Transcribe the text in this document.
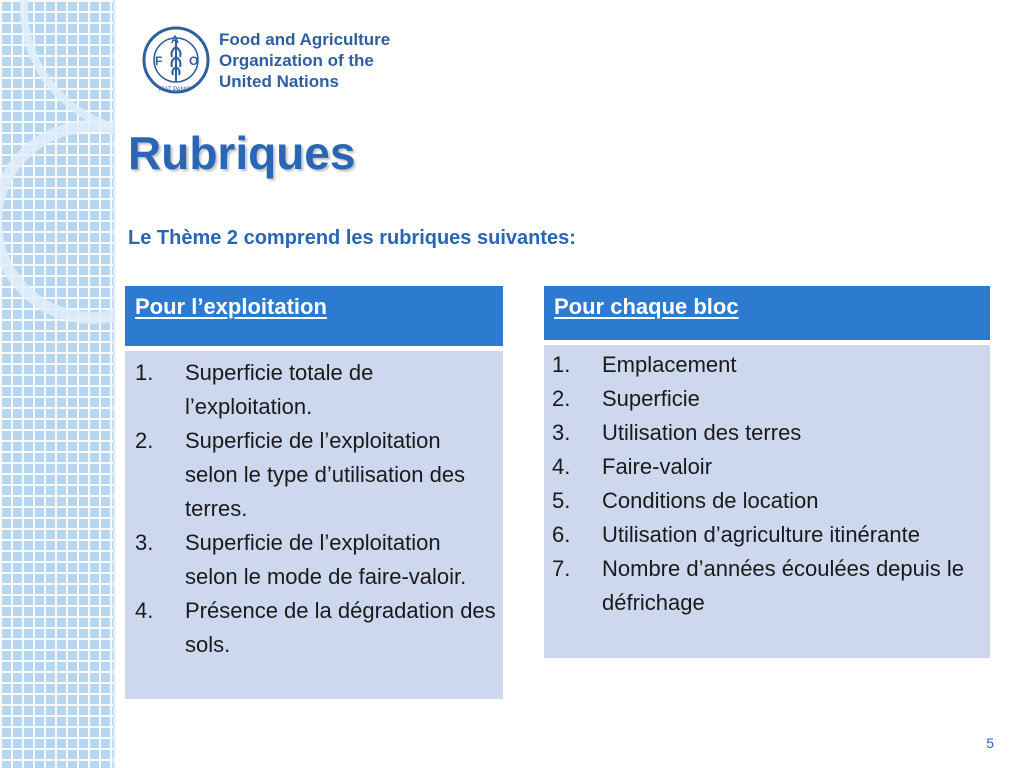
F
A
O
FIAT PANIS
Food and Agriculture
Organization of the
United Nations
Rubriques

Le Thème 2 comprend les rubriques suivantes:

Pour l’exploitation
1.	Superficie totale de l’exploitation.
2.	Superficie de l’exploitation selon le type d’utilisation des terres.
3.	Superficie de l’exploitation selon le mode de faire-valoir.
4.	Présence de la dégradation des sols.
Pour chaque bloc
1.	Emplacement
2.	Superficie
3.	Utilisation des terres
4.	Faire-valoir
5.	Conditions de location
6.	Utilisation d’agriculture itinérante
7.	Nombre d’années écoulées depuis le défrichage
5
